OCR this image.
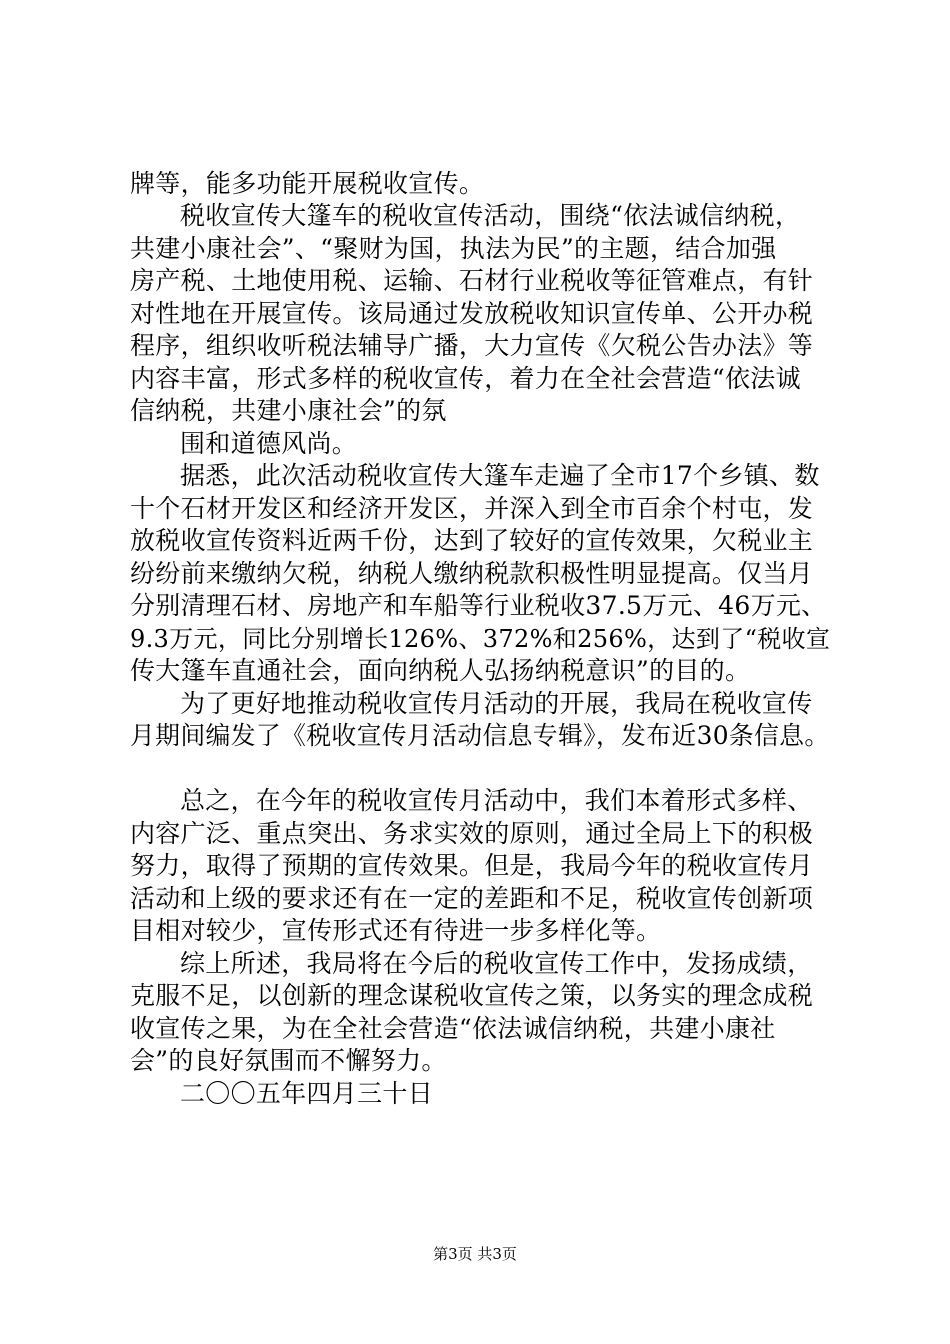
牌等，能多功能开展税收宣传。
税收宣传大篷车的税收宣传活动，围绕“依法诚信纳税，
共建小康社会”、“聚财为国，执法为民”的主题，结合加强
房产税、土地使用税、运输、石材行业税收等征管难点，有针
对性地在开展宣传。该局通过发放税收知识宣传单、公开办税
程序，组织收听税法辅导广播，大力宣传《欠税公告办法》等
内容丰富，形式多样的税收宣传，着力在全社会营造“依法诚
信纳税，共建小康社会”的氛
围和道德风尚。
据悉，此次活动税收宣传大篷车走遍了全市17个乡镇、数
十个石材开发区和经济开发区，并深入到全市百余个村屯，发
放税收宣传资料近两千份，达到了较好的宣传效果，欠税业主
纷纷前来缴纳欠税，纳税人缴纳税款积极性明显提高。仅当月
分别清理石材、房地产和车船等行业税收37.5万元、46万元、
9.3万元，同比分别增长126%、372%和256%，达到了“税收宣
传大篷车直通社会，面向纳税人弘扬纳税意识”的目的。
为了更好地推动税收宣传月活动的开展，我局在税收宣传
月期间编发了《税收宣传月活动信息专辑》，发布近30条信息。
总之，在今年的税收宣传月活动中，我们本着形式多样、
内容广泛、重点突出、务求实效的原则，通过全局上下的积极
努力，取得了预期的宣传效果。但是，我局今年的税收宣传月
活动和上级的要求还有在一定的差距和不足，税收宣传创新项
目相对较少，宣传形式还有待进一步多样化等。
综上所述，我局将在今后的税收宣传工作中，发扬成绩，
克服不足，以创新的理念谋税收宣传之策，以务实的理念成税
收宣传之果，为在全社会营造“依法诚信纳税，共建小康社
会”的良好氛围而不懈努力。
二〇〇五年四月三十日
第3页 共3页
